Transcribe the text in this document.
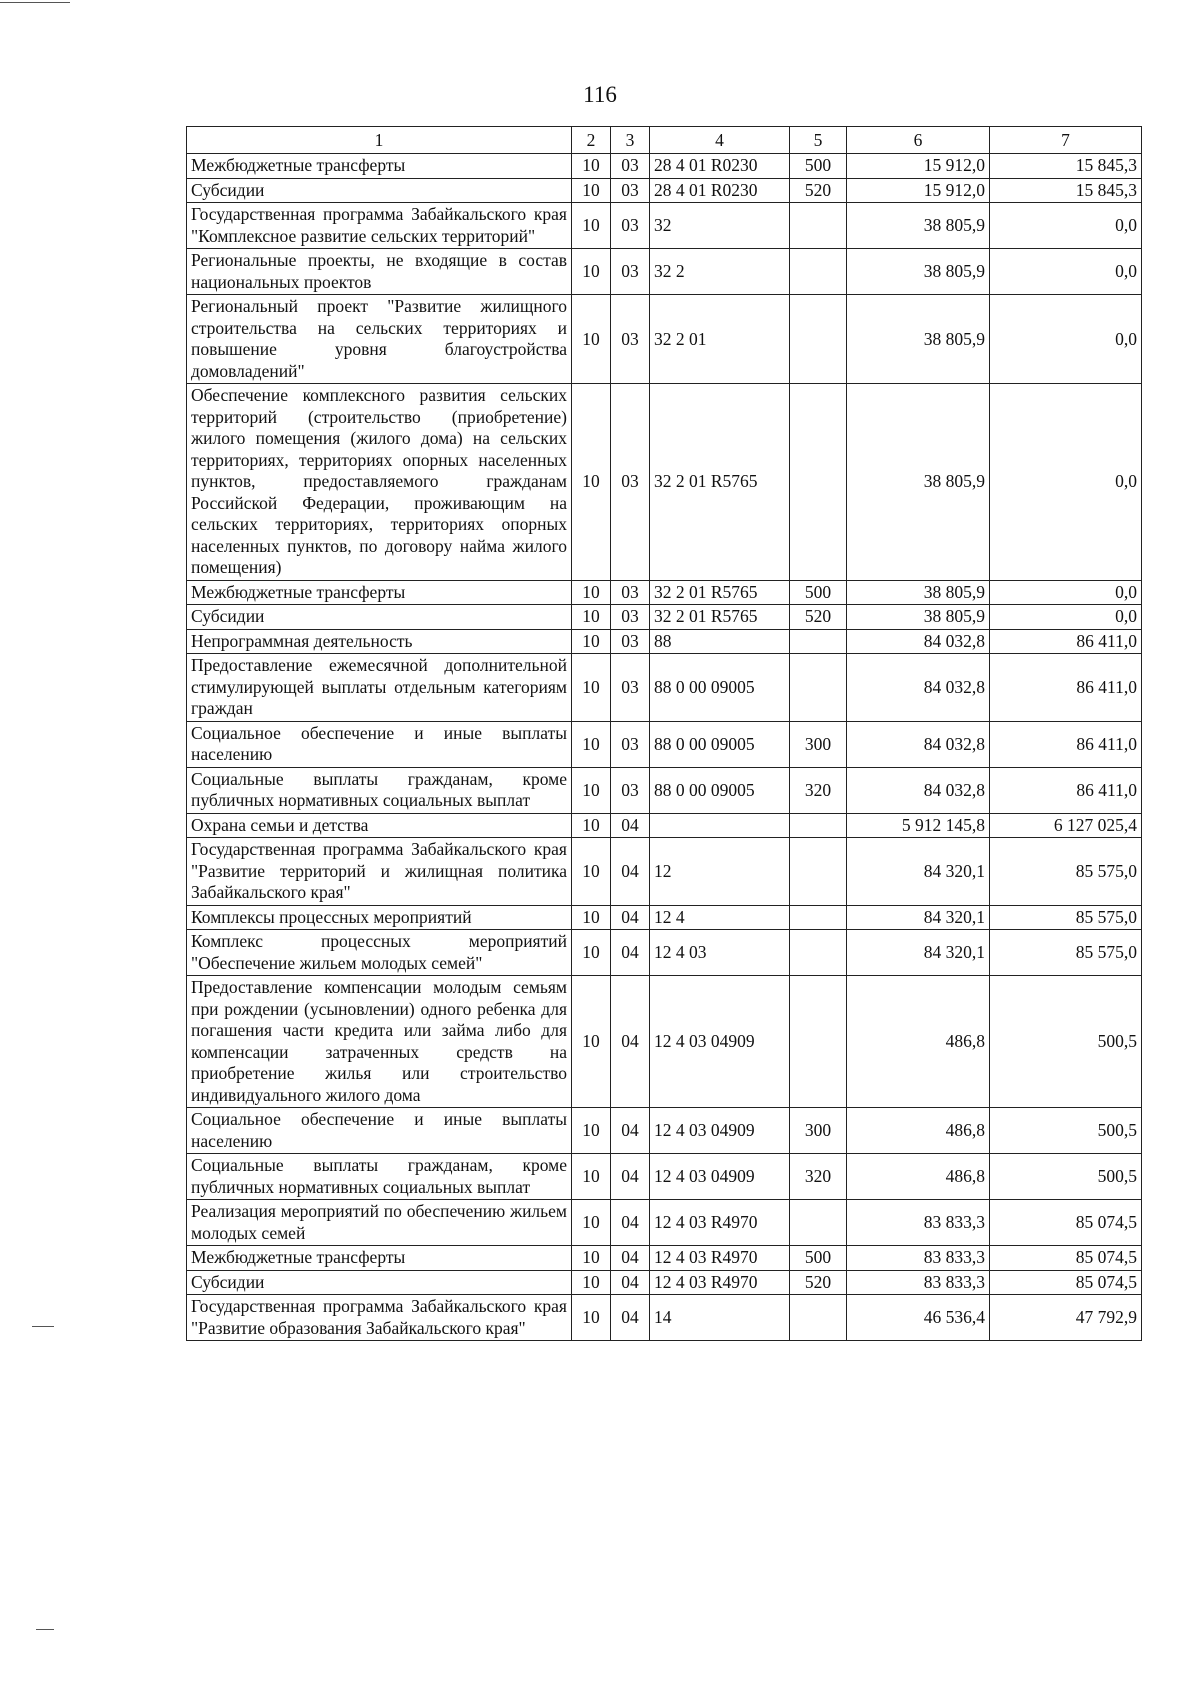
116
1	2	3	4	5	6	7
Межбюджетные трансферты	10	03	28 4 01 R0230	500	15 912,0	15 845,3
Субсидии	10	03	28 4 01 R0230	520	15 912,0	15 845,3
Государственная программа Забайкальского края "Комплексное развитие сельских территорий"	10	03	32		38 805,9	0,0
Региональные проекты, не входящие в состав национальных проектов	10	03	32 2		38 805,9	0,0
Региональный проект "Развитие жилищного строительства на сельских территориях и повышение уровня благоустройства домовладений"	10	03	32 2 01		38 805,9	0,0
Обеспечение комплексного развития сельских территорий (строительство (приобретение) жилого помещения (жилого дома) на сельских территориях, территориях опорных населенных пунктов, предоставляемого гражданам Российской Федерации, проживающим на сельских территориях, территориях опорных населенных пунктов, по договору найма жилого помещения)	10	03	32 2 01 R5765		38 805,9	0,0
Межбюджетные трансферты	10	03	32 2 01 R5765	500	38 805,9	0,0
Субсидии	10	03	32 2 01 R5765	520	38 805,9	0,0
Непрограммная деятельность	10	03	88		84 032,8	86 411,0
Предоставление ежемесячной дополнительной стимулирующей выплаты отдельным категориям граждан	10	03	88 0 00 09005		84 032,8	86 411,0
Социальное обеспечение и иные выплаты населению	10	03	88 0 00 09005	300	84 032,8	86 411,0
Социальные выплаты гражданам, кроме публичных нормативных социальных выплат	10	03	88 0 00 09005	320	84 032,8	86 411,0
Охрана семьи и детства	10	04			5 912 145,8	6 127 025,4
Государственная программа Забайкальского края "Развитие территорий и жилищная политика Забайкальского края"	10	04	12		84 320,1	85 575,0
Комплексы процессных мероприятий	10	04	12 4		84 320,1	85 575,0
Комплекс процессных мероприятий "Обеспечение жильем молодых семей"	10	04	12 4 03		84 320,1	85 575,0
Предоставление компенсации молодым семьям при рождении (усыновлении) одного ребенка для погашения части кредита или займа либо для компенсации затраченных средств на приобретение жилья или строительство индивидуального жилого дома	10	04	12 4 03 04909		486,8	500,5
Социальное обеспечение и иные выплаты населению	10	04	12 4 03 04909	300	486,8	500,5
Социальные выплаты гражданам, кроме публичных нормативных социальных выплат	10	04	12 4 03 04909	320	486,8	500,5
Реализация мероприятий по обеспечению жильем молодых семей	10	04	12 4 03 R4970		83 833,3	85 074,5
Межбюджетные трансферты	10	04	12 4 03 R4970	500	83 833,3	85 074,5
Субсидии	10	04	12 4 03 R4970	520	83 833,3	85 074,5
Государственная программа Забайкальского края "Развитие образования Забайкальского края"	10	04	14		46 536,4	47 792,9
